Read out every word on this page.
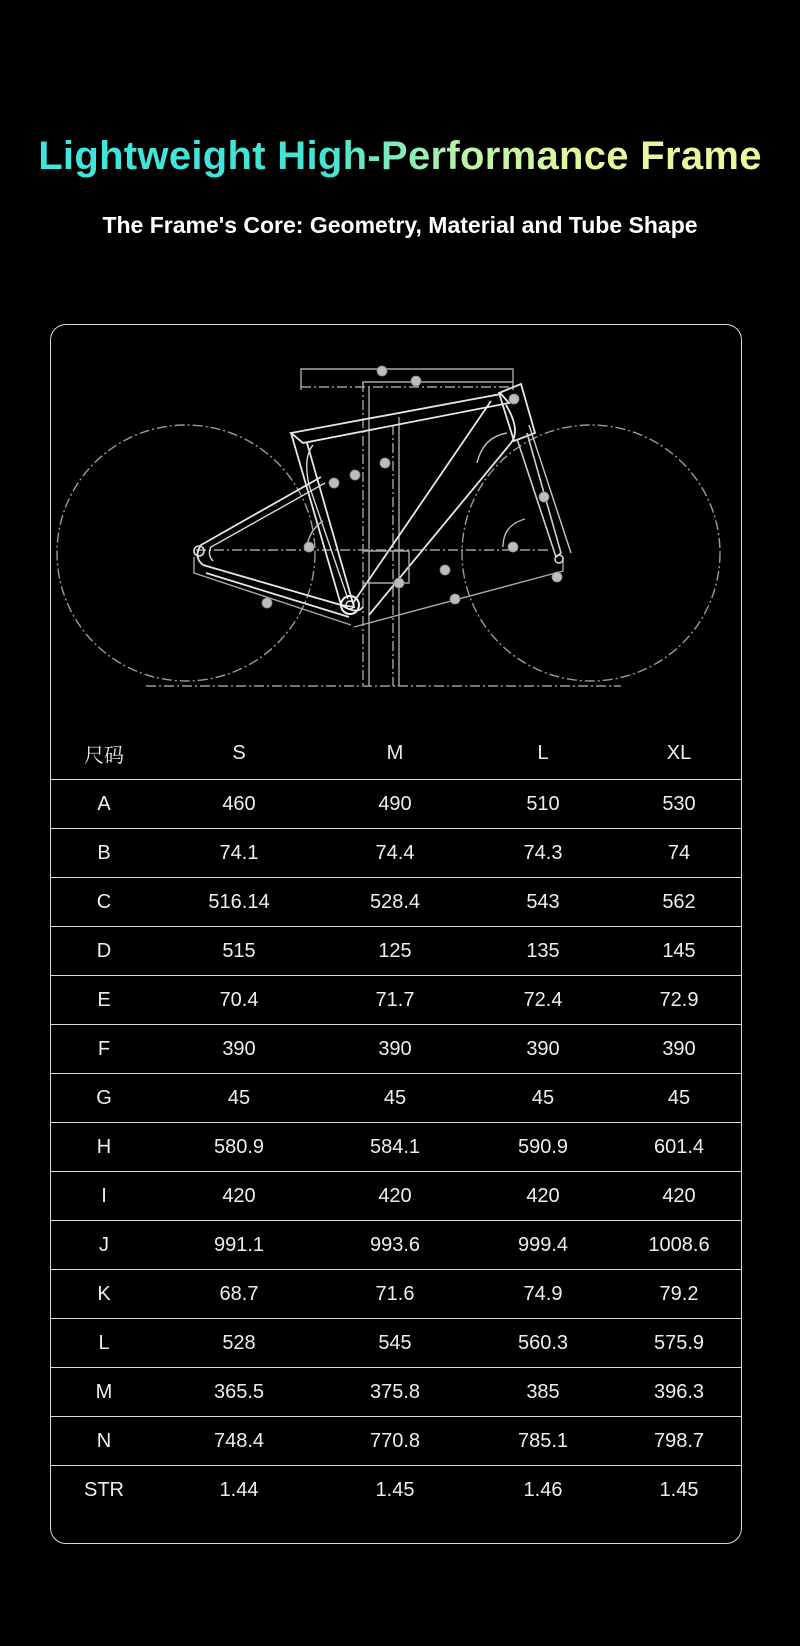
Lightweight High-Performance Frame

The Frame's Core: Geometry, Material and Tube Shape

尺码	S	M	L	XL
A	460	490	510	530
B	74.1	74.4	74.3	74
C	516.14	528.4	543	562
D	515	125	135	145
E	70.4	71.7	72.4	72.9
F	390	390	390	390
G	45	45	45	45
H	580.9	584.1	590.9	601.4
I	420	420	420	420
J	991.1	993.6	999.4	1008.6
K	68.7	71.6	74.9	79.2
L	528	545	560.3	575.9
M	365.5	375.8	385	396.3
N	748.4	770.8	785.1	798.7
STR	1.44	1.45	1.46	1.45
